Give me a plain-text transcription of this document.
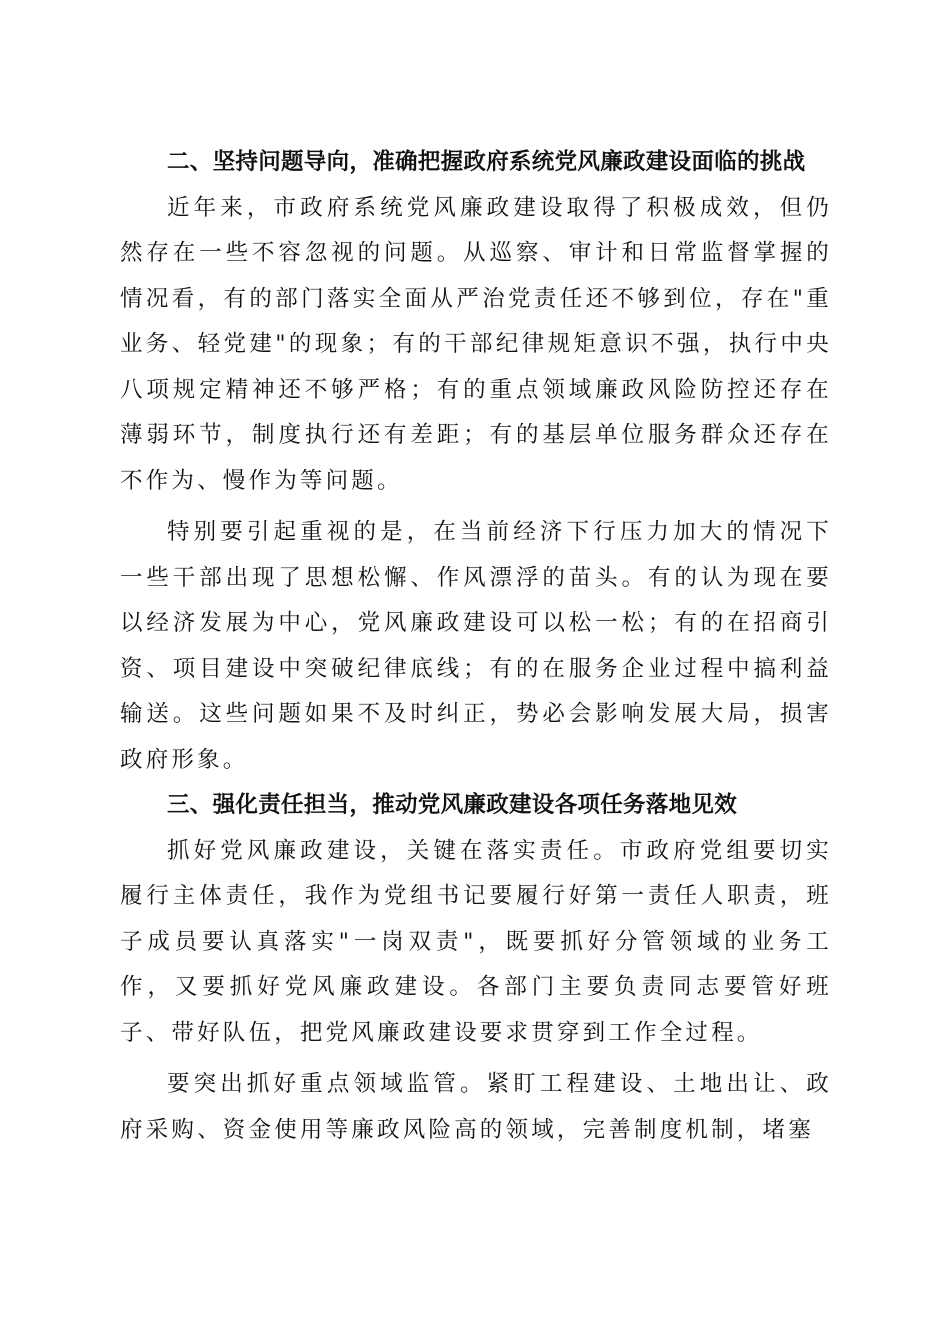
二、坚持问题导向，准确把握政府系统党风廉政建设面临的挑战

近年来，市政府系统党风廉政建设取得了积极成效，但仍然存在一些不容忽视的问题。从巡察、审计和日常监督掌握的情况看，有的部门落实全面从严治党责任还不够到位，存在"重业务、轻党建"的现象；有的干部纪律规矩意识不强，执行中央八项规定精神还不够严格；有的重点领域廉政风险防控还存在薄弱环节，制度执行还有差距；有的基层单位服务群众还存在不作为、慢作为等问题。

特别要引起重视的是，在当前经济下行压力加大的情况下一些干部出现了思想松懈、作风漂浮的苗头。有的认为现在要以经济发展为中心，党风廉政建设可以松一松；有的在招商引资、项目建设中突破纪律底线；有的在服务企业过程中搞利益输送。这些问题如果不及时纠正，势必会影响发展大局，损害政府形象。

三、强化责任担当，推动党风廉政建设各项任务落地见效

抓好党风廉政建设，关键在落实责任。市政府党组要切实履行主体责任，我作为党组书记要履行好第一责任人职责，班子成员要认真落实"一岗双责"，既要抓好分管领域的业务工作，又要抓好党风廉政建设。各部门主要负责同志要管好班子、带好队伍，把党风廉政建设要求贯穿到工作全过程。

要突出抓好重点领域监管。紧盯工程建设、土地出让、政府采购、资金使用等廉政风险高的领域，完善制度机制，堵塞
